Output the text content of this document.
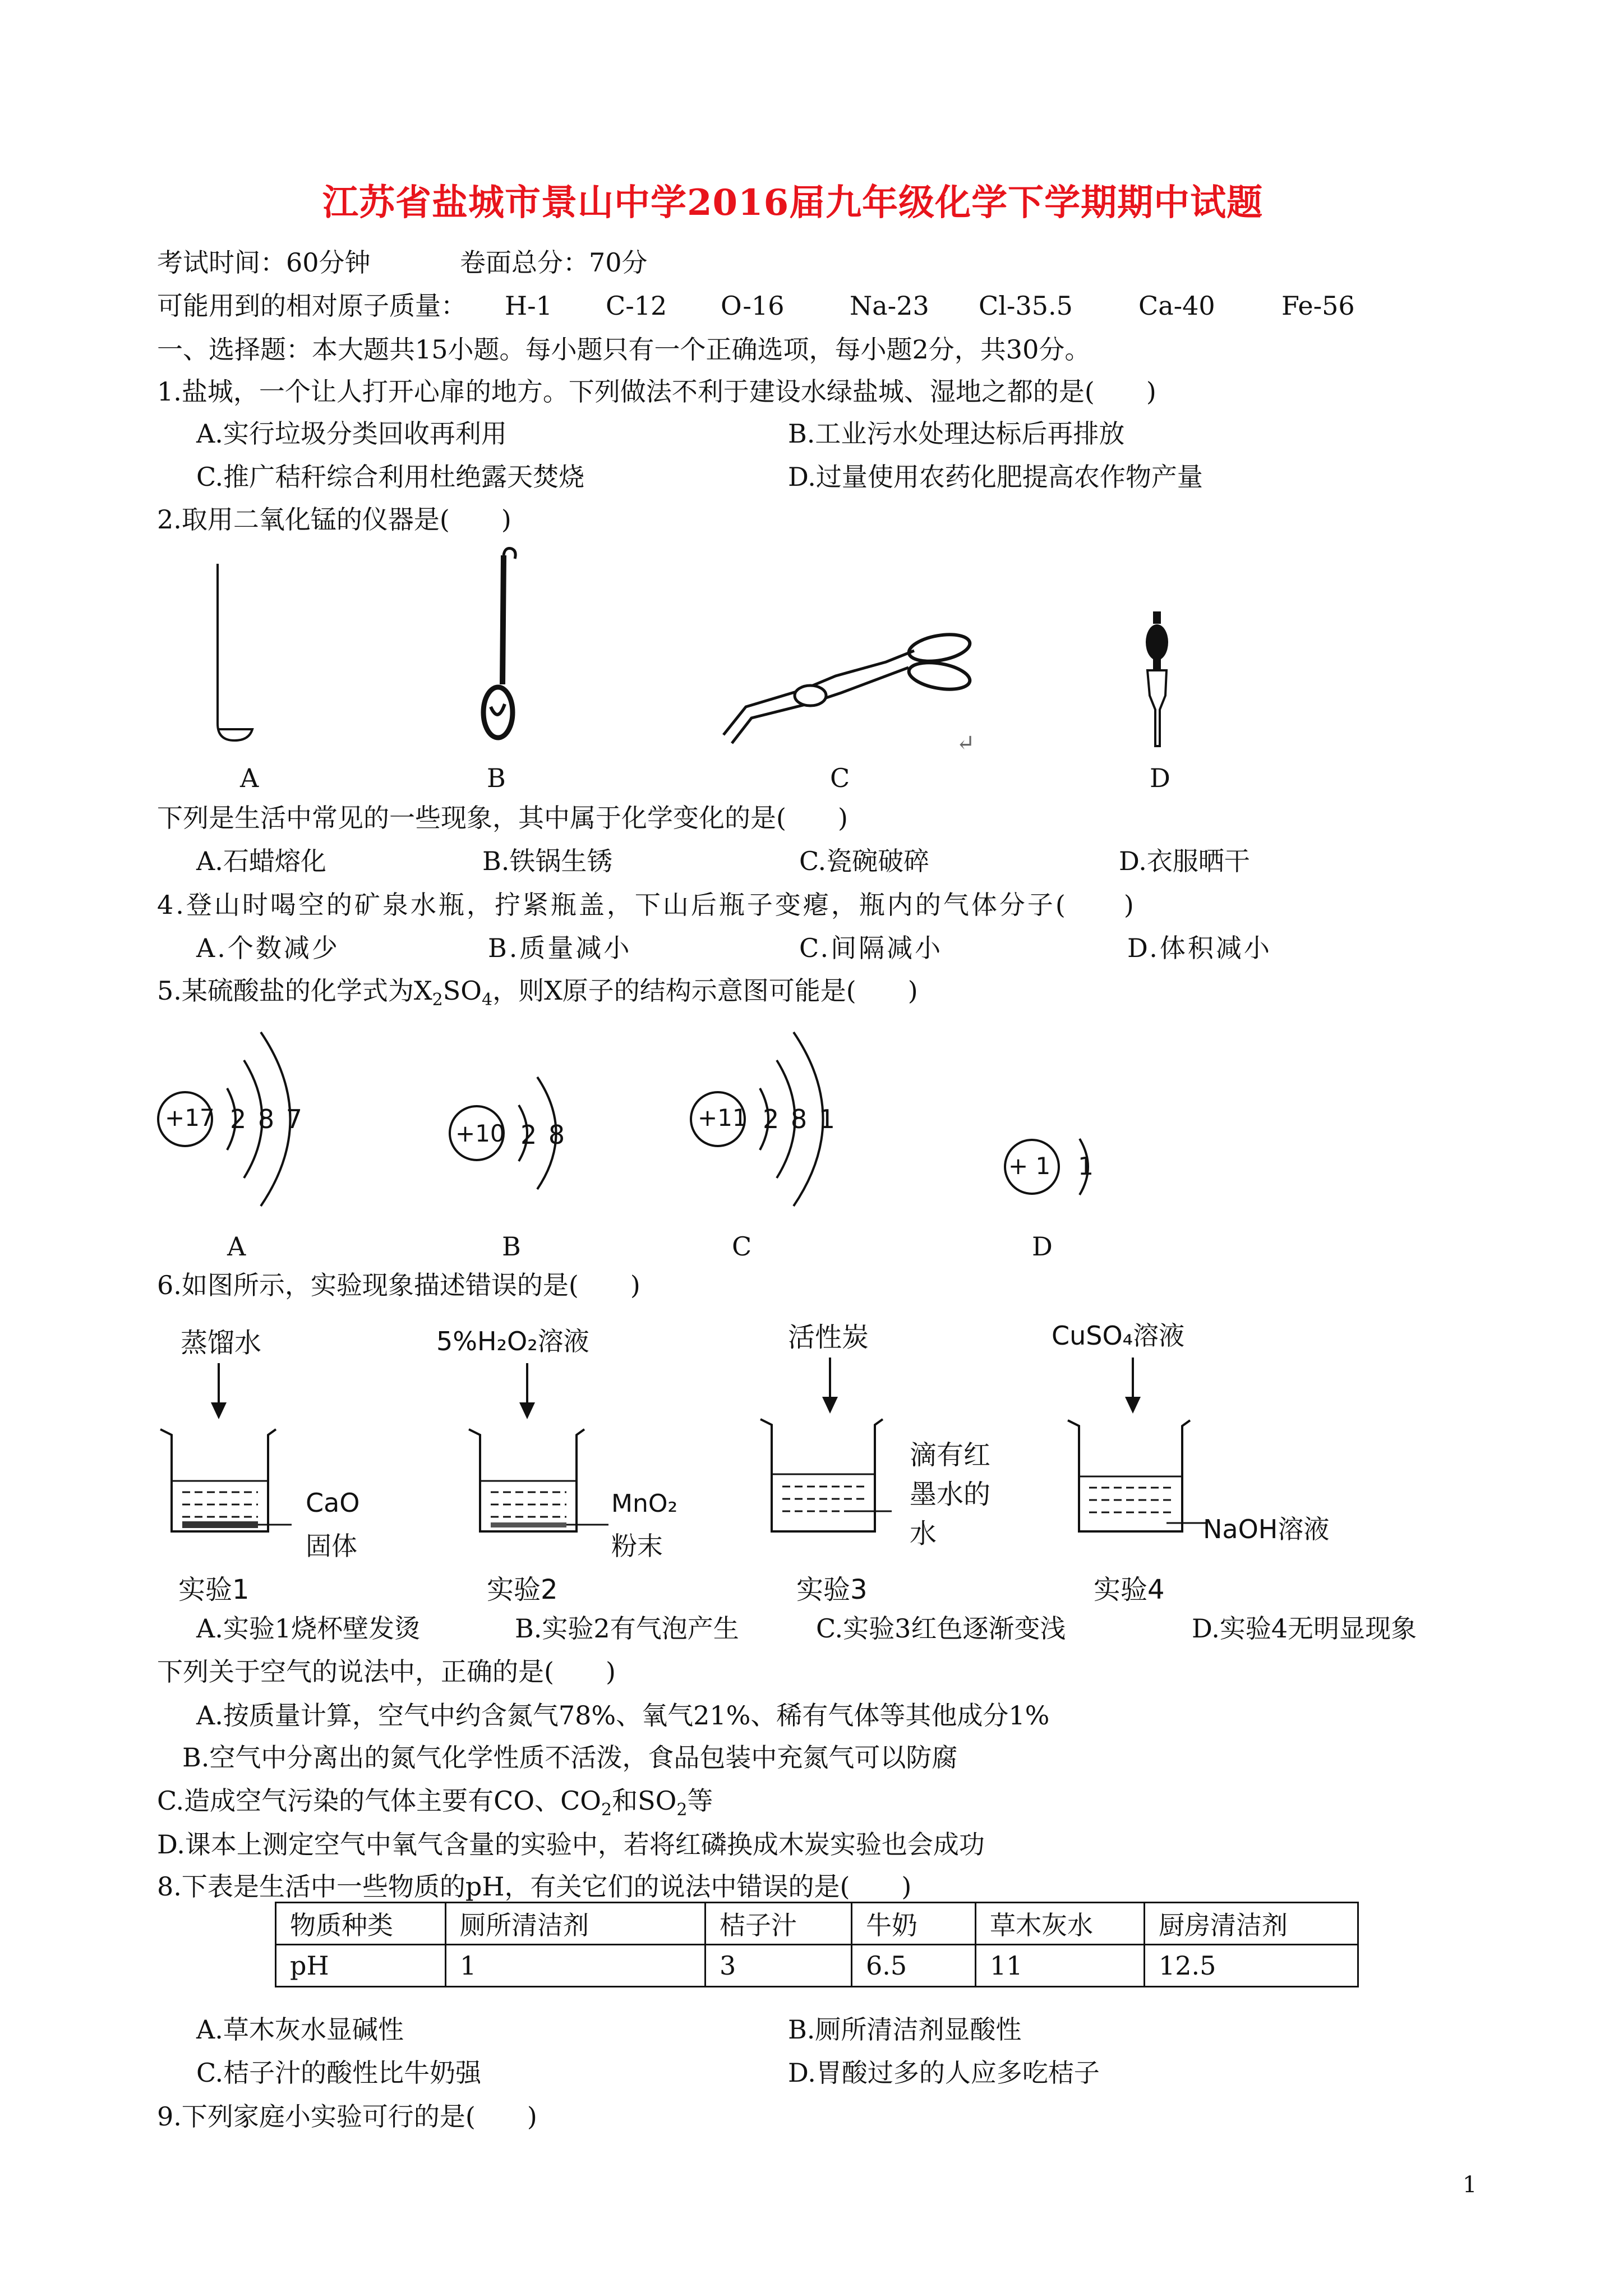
江苏省盐城市景山中学2016届九年级化学下学期期中试题
考试时间：60分钟	卷面总分：70分
可能用到的相对原子质量： H-1 C-12 O-16	Na-23 Cl-35.5	Ca-40	Fe-56
一、选择题：本大题共15小题。每小题只有一个正确选项，每小题2分，共30分。
1.盐城，一个让人打开心扉的地方。下列做法不利于建设水绿盐城、湿地之都的是(　　)
A.实行垃圾分类回收再利用	B.工业污水处理达标后再排放
C.推广秸秆综合利用杜绝露天焚烧	D.过量使用农药化肥提高农作物产量
2.取用二氧化锰的仪器是(　　)
A	B	C
↵
D
下列是生活中常见的一些现象，其中属于化学变化的是(　　)
A.石蜡熔化	B.铁锅生锈	C.瓷碗破碎	D.衣服晒干
4.登山时喝空的矿泉水瓶，拧紧瓶盖，下山后瓶子变瘪，瓶内的气体分子(　　)
A.个数减少	B.质量减小	C.间隔减小	D.体积减小
5.某硫酸盐的化学式为$X_2SO_4$，则X原子的结构示意图可能是(　　)
+17 2 8 7
A
+10 2 8
B
+11 2 8 1
C
+ 1 1
D
6.如图所示，实验现象描述错误的是(　　)
蒸馏水
CaO
固体
实验1
5%H₂O₂溶液
MnO₂
粉末
实验2
活性炭
滴有红
墨水的
水
实验3
CuSO₄溶液
NaOH溶液
实验4
A.实验1烧杯壁发烫	B.实验2有气泡产生	C.实验3红色逐渐变浅	D.实验4无明显现象
下列关于空气的说法中，正确的是(　　)
A.按质量计算，空气中约含氮气78%、氧气21%、稀有气体等其他成分1%
B.空气中分离出的氮气化学性质不活泼，食品包装中充氮气可以防腐
C.造成空气污染的气体主要有CO、$CO_2$和$SO_2$等
D.课本上测定空气中氧气含量的实验中，若将红磷换成木炭实验也会成功
8.下表是生活中一些物质的pH，有关它们的说法中错误的是(　　)
物质种类	厕所清洁剂	桔子汁	牛奶	草木灰水	厨房清洁剂
pH	1	3	6.5	11	12.5
A.草木灰水显碱性	B.厕所清洁剂显酸性
C.桔子汁的酸性比牛奶强	D.胃酸过多的人应多吃桔子
9.下列家庭小实验可行的是(　　)
1
